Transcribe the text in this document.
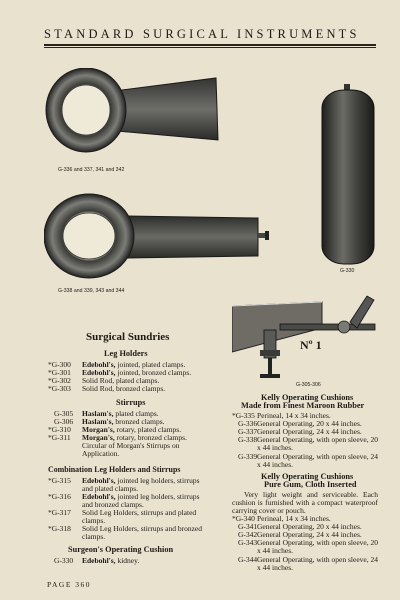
STANDARD SURGICAL INSTRUMENTS
G-336 and 337, 341 and 342
G-338 and 339, 343 and 344
G-330
Nº 1
G-305-306
Surgical Sundries
Leg Holders
*G-300 Edebohl's, jointed, plated clamps.
*G-301 Edebohl's, jointed, bronzed clamps.
*G-302 Solid Rod, plated clamps.
*G-303 Solid Rod, bronzed clamps.
Stirrups
G-305 Haslam's, plated clamps.
G-306 Haslam's, bronzed clamps.
*G-310 Morgan's, rotary, plated clamps.
*G-311 Morgan's, rotary, bronzed clamps.
Circular of Morgan's Stirrups on Application.
Combination Leg Holders and Stirrups
*G-315 Edebohl's, jointed leg holders, stirrups and plated clamps.
*G-316 Edebohl's, jointed leg holders, stirrups and bronzed clamps.
*G-317 Solid Leg Holders, stirrups and plated clamps.
*G-318 Solid Leg Holders, stirrups and bronzed clamps.
Surgeon's Operating Cushion
G-330 Edebohl's, kidney.
Kelly Operating Cushions
Made from Finest Maroon Rubber
*G-335 Perineal, 14 x 34 inches.
G-336 General Operating, 20 x 44 inches.
G-337 General Operating, 24 x 44 inches.
G-338 General Operating, with open sleeve, 20 x 44 inches.
G-339 General Operating, with open sleeve, 24 x 44 inches.
Kelly Operating Cushions
Pure Gum, Cloth Inserted
Very light weight and serviceable. Each cushion is furnished with a compact waterproof carrying cover or pouch.
*G-340 Perineal, 14 x 34 inches.
G-341 General Operating, 20 x 44 inches.
G-342 General Operating, 24 x 44 inches.
G-343 General Operating, with open sleeve, 20 x 44 inches.
G-344 General Operating, with open sleeve, 24 x 44 inches.
PAGE 360
